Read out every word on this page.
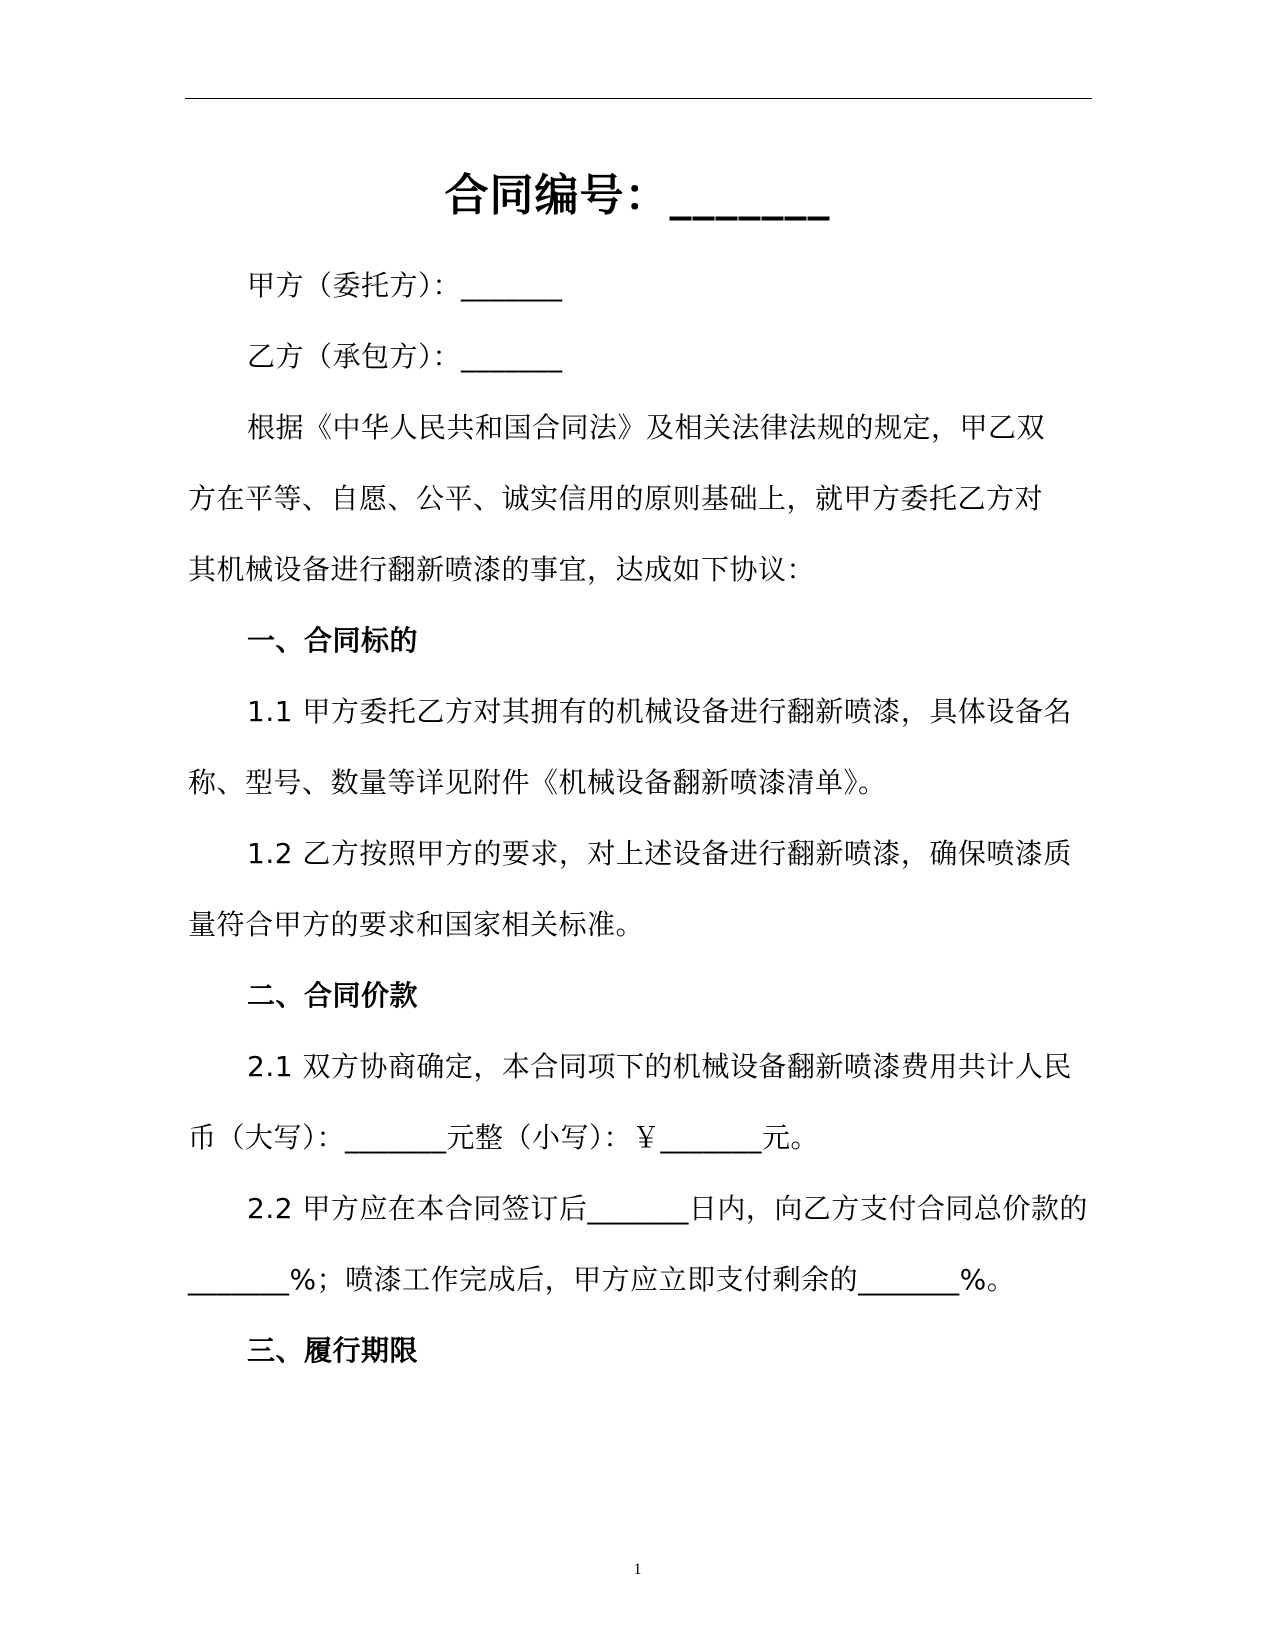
合同编号：_______
甲方（委托方）：_______
乙方（承包方）：_______
根据《中华人民共和国合同法》及相关法律法规的规定，甲乙双
方在平等、自愿、公平、诚实信用的原则基础上，就甲方委托乙方对
其机械设备进行翻新喷漆的事宜，达成如下协议：
一、合同标的
1.1 甲方委托乙方对其拥有的机械设备进行翻新喷漆，具体设备名
称、型号、数量等详见附件《机械设备翻新喷漆清单》。
1.2 乙方按照甲方的要求，对上述设备进行翻新喷漆，确保喷漆质
量符合甲方的要求和国家相关标准。
二、合同价款
2.1 双方协商确定，本合同项下的机械设备翻新喷漆费用共计人民
币（大写）：_______元整（小写）：￥_______元。
2.2 甲方应在本合同签订后_______日内，向乙方支付合同总价款的
_______%；喷漆工作完成后，甲方应立即支付剩余的_______%。
三、履行期限
1
